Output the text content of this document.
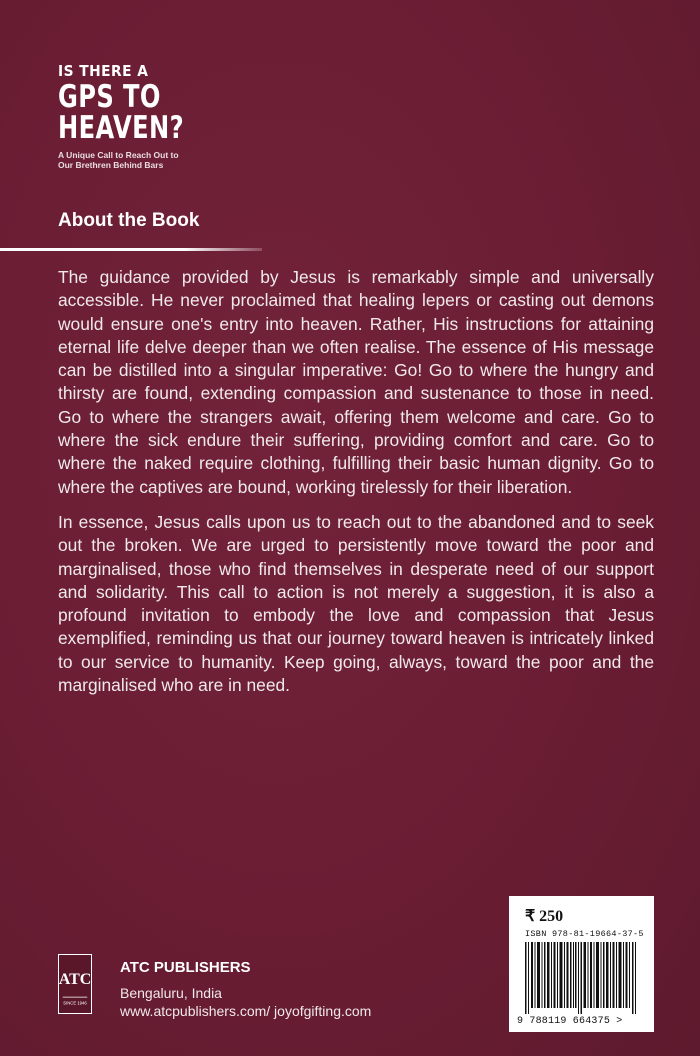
IS THERE A
GPS TO
HEAVEN?
A Unique Call to Reach Out to
Our Brethren Behind Bars
About the Book

The guidance provided by Jesus is remarkably simple and universally accessible. He never proclaimed that healing lepers or casting out demons would ensure one's entry into heaven. Rather, His instructions for attaining eternal life delve deeper than we often realise. The essence of His message can be distilled into a singular imperative: Go! Go to where the hungry and thirsty are found, extending compassion and sustenance to those in need. Go to where the strangers await, offering them welcome and care. Go to where the sick endure their suffering, providing comfort and care. Go to where the naked require clothing, fulfilling their basic human dignity. Go to where the captives are bound, working tirelessly for their liberation.

In essence, Jesus calls upon us to reach out to the abandoned and to seek out the broken. We are urged to persistently move toward the poor and marginalised, those who find themselves in desperate need of our support and solidarity. This call to action is not merely a suggestion, it is also a profound invitation to embody the love and compassion that Jesus exemplified, reminding us that our journey toward heaven is intricately linked to our service to humanity. Keep going, always, toward the poor and the marginalised who are in need.

₹ 250
ISBN 978-81-19664-37-5
9 788119 664375 >
ATC
SINCE 1946
ATC PUBLISHERS
Bengaluru, India
www.atcpublishers.com/ joyofgifting.com
